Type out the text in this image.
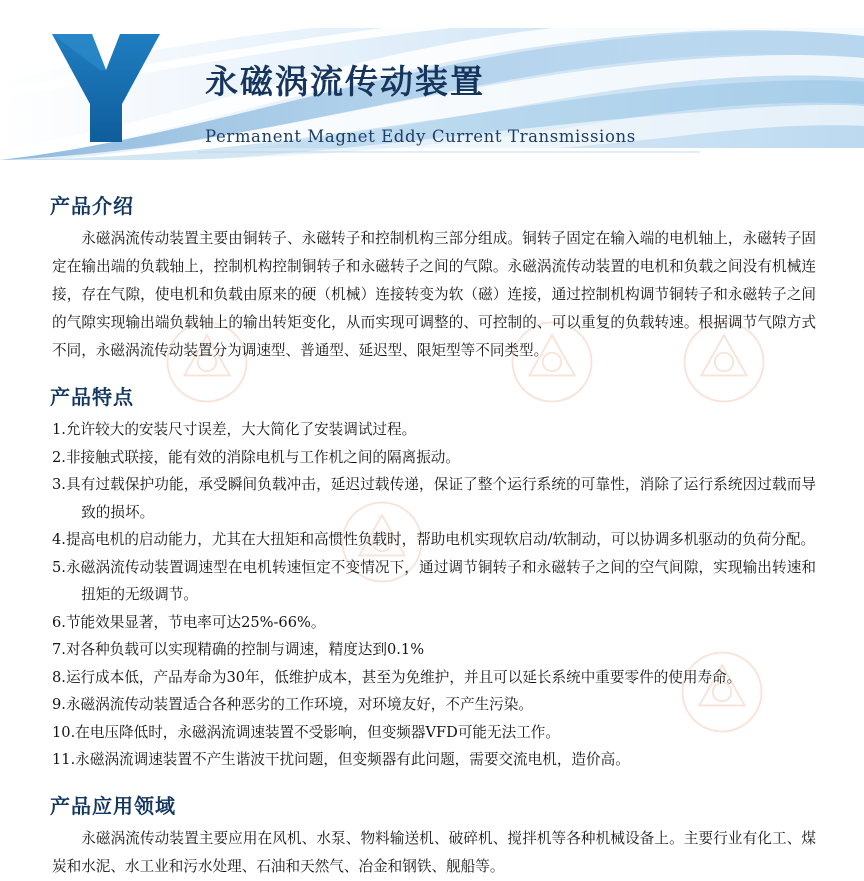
永磁涡流传动装置
Permanent Magnet Eddy Current Transmissions
产品介绍

永磁涡流传动装置主要由铜转子、永磁转子和控制机构三部分组成。铜转子固定在输入端的电机轴上，永磁转子固定在输出端的负载轴上，控制机构控制铜转子和永磁转子之间的气隙。永磁涡流传动装置的电机和负载之间没有机械连接，存在气隙，使电机和负载由原来的硬（机械）连接转变为软（磁）连接，通过控制机构调节铜转子和永磁转子之间的气隙实现输出端负载轴上的输出转矩变化，从而实现可调整的、可控制的、可以重复的负载转速。根据调节气隙方式不同，永磁涡流传动装置分为调速型、普通型、延迟型、限矩型等不同类型。

产品特点
1.允许较大的安装尺寸误差，大大简化了安装调试过程。
2.非接触式联接，能有效的消除电机与工作机之间的隔离振动。
3.具有过载保护功能，承受瞬间负载冲击，延迟过载传递，保证了整个运行系统的可靠性，消除了运行系统因过载而导致的损坏。
4.提高电机的启动能力，尤其在大扭矩和高惯性负载时，帮助电机实现软启动/软制动，可以协调多机驱动的负荷分配。
5.永磁涡流传动装置调速型在电机转速恒定不变情况下，通过调节铜转子和永磁转子之间的空气间隙，实现输出转速和扭矩的无级调节。
6.节能效果显著，节电率可达25%-66%。
7.对各种负载可以实现精确的控制与调速，精度达到0.1%
8.运行成本低，产品寿命为30年，低维护成本，甚至为免维护，并且可以延长系统中重要零件的使用寿命。
9.永磁涡流传动装置适合各种恶劣的工作环境，对环境友好，不产生污染。
10.在电压降低时，永磁涡流调速装置不受影响，但变频器VFD可能无法工作。
11.永磁涡流调速装置不产生谐波干扰问题，但变频器有此问题，需要交流电机，造价高。
产品应用领域

永磁涡流传动装置主要应用在风机、水泵、物料输送机、破碎机、搅拌机等各种机械设备上。主要行业有化工、煤炭和水泥、水工业和污水处理、石油和天然气、冶金和钢铁、舰船等。
